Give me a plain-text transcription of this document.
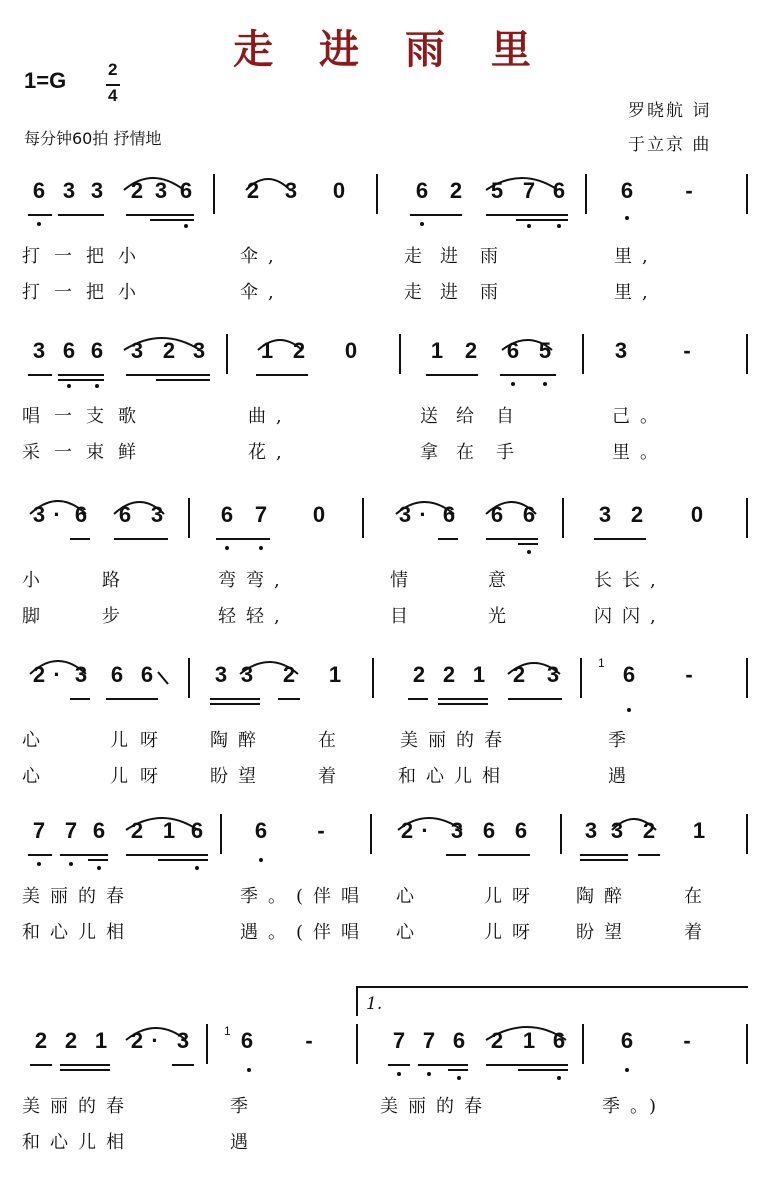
走 进 雨 里
1=G 2
4
每分钟60拍 抒情地
罗晓航 词
于立京 曲
6 3 3 2 3 6 2 3 0	6 2 5 7 6	6 -
打 一 把 小	伞,	走 进 雨	里,
打 一 把 小	伞,	走 进 雨	里,
3 6 6 3 2 3	1 2 0	1 2 6 5	3	-
唱 一 支 歌	曲,	送 给 自	己。
采 一 束 鲜	花,	拿 在 手	里。
3 · 6 6 3	6 7 0	3 · 6 6 6	3 2 0
小	路	弯弯,	情	意	长长,
脚	步	轻轻,	目	光	闪闪,
2 · 3 6 6	3 3 2 1	2 2 1 2 3	6 -
心	儿 呀 陶醉	在	美丽的春	季
心	儿 呀 盼望	着	和心儿相	遇
7 7 6 2 1 6 6 -	2 · 3 6 6	3 3 2 1
美丽的春	季。(伴唱 心	儿呀 陶醉	在
和心儿相	遇。(伴唱 心	儿呀 盼望	着
2 2 1 2 · 3 6 -	7 7 6 2 1 6	6 -
美丽的春	季	美丽的春	季。)
和心儿相	遇
1.
1
1
